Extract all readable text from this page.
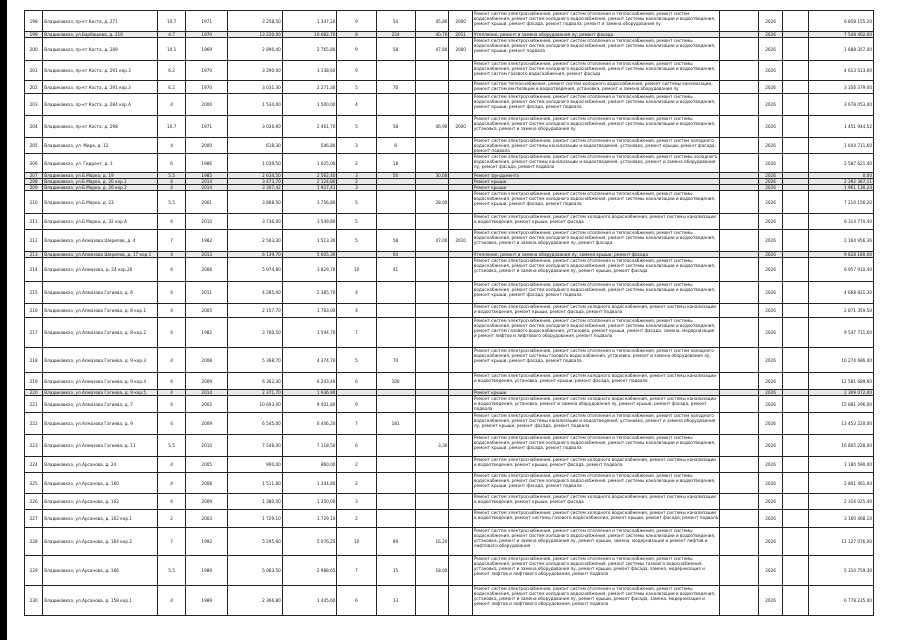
198	Владикавказ, пр-кт Коста, д. 271	10.7	1971	3 258,50	1 347,20	9	54	45,80	2000	Ремонт систем электроснабжения, ремонт систем отопления и теплоснабжения, ремонт систем водоснабжения, ремонт систем холодного водоснабжения, ремонт системы канализации и водоотведения, ремонт крыши, ремонт фасада, ремонт подвала, ремонт и замена оборудования лу		2026		6 858 155,20
199	Владикавказ, ул.Барбашова, д. 216	4.7	1970	13 220,00	10 682,70	8	224	40,70	2011	Утепление, ремонт и замена оборудования лу, ремонт фасада		2026		7 548 402,00
200	Владикавказ, пр-кт Коста, д. 289	10.1	1969	2 890,40	2 765,80	9	58	47,80	2000	Ремонт систем электроснабжения, ремонт систем отопления и теплоснабжения, ремонт системы водоснабжения, ремонт систем холодного водоснабжения, ремонт системы канализации и водоотведения, ремонт крыши, ремонт подвала		2026		1 688 357,00
201	Владикавказ, пр-кт Коста, д. 291 кор.3	6.2	1970	3 290,00	3 138,60	9				Ремонт систем электроснабжения, ремонт систем отопления и теплоснабжения, ремонт системы водоснабжения, ремонт систем холодного водоснабжения, ремонт системы канализации и водоотведения, ремонт систем газового водоснабжения, ремонт фасада		2026		4 613 513,00
202	Владикавказ, пр-кт Коста, д. 291 кор.3	6.2	1970	3 031,30	2 271,30	5	70			Ремонт систем теплоснабжения, ремонт систем холодного водоснабжения, ремонт системы канализации, ремонт систем вентиляции и водоотведения, установка, ремонт и замена оборудования лу		2026		3 356 379,00
203	Владикавказ, пр-кт Коста, д. 284 кор.А	4	2000	1 534,00	1 500,00	4				Ремонт систем электроснабжения, ремонт систем отопления и теплоснабжения, ремонт системы водоснабжения, ремонт систем холодного водоснабжения, ремонт системы канализации и водоотведения, ремонт крыши, ремонт фасада, ремонт подвала		2026		3 678 053,00
204	Владикавказ, пр-кт Коста, д. 298	10.7	1971	3 026,60	2 461,70	5	58	46,90	2000	Ремонт систем электроснабжения, ремонт систем отопления и теплоснабжения, ремонт системы водоснабжения, ремонт систем холодного водоснабжения, ремонт системы канализации и водоотведения, установка, ремонт и замена оборудования лу		2026		1 451 944,52
205	Владикавказ, ул. Мира, д. 12	4	2000	618,30	546,80	3	8			Ремонт систем электроснабжения, ремонт систем отопления и теплоснабжения, ремонт систем холодного водоснабжения, ремонт системы канализации и водоотведения, установка, ремонт крыши, ремонт фасада, ремонт подвала		2026		1 644 711,60
206	Владикавказ, ул. Гидрант, д. 1	6	1986	1 039,50	1 025,00	2	18			Ремонт систем электроснабжения, ремонт систем отопления и теплоснабжения, ремонт системы холодного водоснабжения, ремонт системы канализации и водоотведения, установка, ремонт и замена оборудования лу, ремонт фасада, ремонт подвала		2026		2 587 621,40
207	Владикавказ, ул.Б.Марка, д. 19	5.5	1985	2 634,50	2 562,40	3	50	30,00		Ремонт фундамента		2026		0,00
208	Владикавказ, ул.Б.Марка, д. 20 кор.1	4	2014	3 473,70	2 124,80	2				Ремонт крыши		2026		2 392 387,11
209	Владикавказ, ул.Б.Марка, д. 20 кор.2	4	2014	3 307,42	1 927,41	3				Ремонт крыши		2026		1 961 130,24
210	Владикавказ, ул.Б.Марка, д. 23	5.5	2001	3 868,50	3 756,80	5		28,00		Ремонт систем электроснабжения, ремонт систем отопления и теплоснабжения, ремонт системы водоснабжения, ремонт систем холодного водоснабжения, ремонт системы канализации и водоотведения, ремонт крыши, ремонт фасада, ремонт подвала		2026		7 210 156,20
211	Владикавказ, ул.Б.Марка, д. 32 кор.А	4	2010	3 736,00	3 549,80	5				Ремонт систем электроснабжения, ремонт систем холодного водоснабжения, ремонт системы канализации и водоотведения, ремонт крыши, ремонт фасада		2026		6 314 770,40
212	Владикавказ, ул.Алмазова Шерипов, д. 4	7	1982	2 563,30	1 513,30	5	58	47,00	2010	Ремонт систем электроснабжения, ремонт систем отопления и теплоснабжения, ремонт системы водоснабжения, ремонт систем холодного водоснабжения, ремонт системы канализации и водоотведения, установка, ремонт и замена оборудования лу, ремонт фасада		2026		2 164 956,36
213	Владикавказ, ул.Алмазова Шерипов, д. 17 кор.1	4	2013	6 139,70	5 605,30		64			Утепление, ремонт и замена оборудования лу, замена крыши, ремонт фасада		2026		9 828 180,00
214	Владикавказ, ул.Алмазова, д. 24 кор.26	4	2008	5 974,80	3 829,70	10	41			Ремонт систем электроснабжения, ремонт систем отопления и теплоснабжения, ремонт системы водоснабжения, ремонт систем холодного водоснабжения, ремонт системы канализации и водоотведения, установка, ремонт и замена оборудования лу, ремонт крыши, ремонт фасада		2026		6 957 910,40
215	Владикавказ, ул.Алмазова Гагиева, д. 6	4	2011	4 285,00	2 385,70	4				Ремонт систем электроснабжения, ремонт систем отопления и теплоснабжения, ремонт системы водоснабжения, ремонт систем холодного водоснабжения, ремонт системы канализации и водоотведения, ремонт крыши, ремонт фасада, ремонт подвала		2026		4 668 821,30
216	Владикавказ, ул.Алмазова Гагиева, д. 8 кор.1	4	2005	2 157,70	1 783,00	4				Ремонт систем электроснабжения, ремонт систем холодного водоснабжения, ремонт системы канализации и водоотведения, ремонт крыши, ремонт фасада, ремонт подвала		2026		2 871 359,50
217	Владикавказ, ул.Алмазова Гагиева, д. 8 кор.2	4	1982	3 760,50	1 594,70	7				Ремонт систем электроснабжения, ремонт систем отопления и теплоснабжения, ремонт системы водоснабжения, ремонт систем холодного водоснабжения, ремонт системы канализации и водоотведения, ремонт систем газового водоснабжения, установка, ремонт крыши, ремонт фасада, замена, модернизация и ремонт лифтов и лифтового оборудования, ремонт подвала		2026		9 547 711,60
218	Владикавказ, ул.Алмазова Гагиева, д. 9 кор.3	4	2008	5 368,70	4 374,70	5	70			Ремонт систем электроснабжения, ремонт систем отопления и теплоснабжения, ремонт систем холодного водоснабжения, ремонт системы газового водоснабжения, установка, ремонт и замена оборудования лу, ремонт крыши, ремонт фасада, ремонт подвала		2026		10 274 686,00
219	Владикавказ, ул.Алмазова Гагиева, д. 9 кор.4	4	2009	6 362,30	6 243,40	6	100			Ремонт систем электроснабжения, ремонт систем холодного водоснабжения, ремонт системы канализации и водоотведения, установка, ремонт крыши, ремонт фасада, ремонт подвала		2026		12 581 689,60
220	Владикавказ, ул.Алмазова Гагиева, д. 9 кор.5	4	2014	2 371,70	1 936,90					Ремонт крыши		2026		2 309 072,00
221	Владикавказ, ул.Алмазова Гагиева, д. 7	4	2002	10 693,00	9 401,80	9				Ремонт систем электроснабжения, ремонт систем холодного водоснабжения, ремонт системы канализации и водоотведения, установка, ремонт и замена оборудования лу, ремонт крыши, ремонт фасада, ремонт подвала		2026		15 881 296,00
222	Владикавказ, ул.Алмазова Гагиева, д. 9	4	2009	6 545,00	6 446,20	7	181			Ремонт систем электроснабжения, ремонт систем отопления и теплоснабжения, ремонт систем холодного водоснабжения, ремонт системы канализации и водоотведения, установка, ремонт и замена оборудования лу, ремонт крыши, ремонт фасада, ремонт подвала		2026		13 453 220,00
223	Владикавказ, ул.Алмазова Гагиева, д. 11	5.5	2010	7 548,00	7 118,50	6		3,30		Ремонт систем электроснабжения, ремонт систем отопления и теплоснабжения, ремонт системы водоснабжения, ремонт систем холодного водоснабжения, ремонт системы канализации и водоотведения, ремонт крыши, ремонт фасада, ремонт подвала		2026		16 805 228,00
224	Владикавказ, ул.Арсанова, д. 24	4	2005	900,00	860,00	2				Ремонт систем электроснабжения, ремонт систем холодного водоснабжения, ремонт системы канализации и водоотведения, ремонт крыши, ремонт фасада, ремонт подвала		2026		1 180 590,00
225	Владикавказ, ул.Арсанова, д. 160	4	2008	1 511,80	1 344,80	2				Ремонт систем электроснабжения, ремонт систем отопления и теплоснабжения, ремонт системы водоснабжения, ремонт систем холодного водоснабжения, ремонт системы канализации и водоотведения, ремонт крыши, ремонт фасада, ремонт подвала		2026		2 801 461,94
226	Владикавказ, ул.Арсанова, д. 162	4	2009	1 380,00	1 350,00	3				Ремонт систем электроснабжения, ремонт систем холодного водоснабжения, ремонт системы канализации и водоотведения, ремонт крыши, ремонт фасада		2026		2 316 025,40
227	Владикавказ, ул.Арсанова, д. 162 кор.1	2	2003	1 729,10	1 729,10	2				Ремонт систем электроснабжения, ремонт систем холодного водоснабжения, ремонт системы канализации и водоотведения, ремонт системы газового водоснабжения, ремонт крыши, ремонт фасада, ремонт подвала		2026		3 160 468,10
228	Владикавказ, ул.Арсанова, д. 164 кор.2	7	1992	5 295,60	5 076,25	10	89	16,20		Ремонт систем электроснабжения, ремонт систем отопления и теплоснабжения, ремонт системы водоснабжения, ремонт систем холодного водоснабжения, ремонт системы канализации и водоотведения, установка, ремонт и замена оборудования лу, ремонт крыши, замена, модернизация и ремонт лифтов и лифтового оборудования		2026		11 127 076,00
229	Владикавказ, ул.Арсанова, д. 166	5.5	1989	5 063,50	2 988,65	7	15	18,00		Ремонт систем электроснабжения, ремонт систем отопления и теплоснабжения, ремонт системы водоснабжения, ремонт систем холодного водоснабжения, ремонт системы газового водоснабжения, установка, ремонт и замена оборудования лу, ремонт крыши, ремонт фасада, замена, модернизация и ремонт лифтов и лифтового оборудования, ремонт подвала		2026		5 310 759,30
230	Владикавказ, ул.Арсанова, д. 158 кор.1	4	1989	2 366,80	1 445,60	6	13			Ремонт систем электроснабжения, ремонт систем отопления и теплоснабжения, ремонт системы водоснабжения, ремонт систем холодного водоснабжения, ремонт системы канализации и водоотведения, установка, ремонт и замена оборудования лу, ремонт крыши, ремонт фасада, замена, модернизация и ремонт лифтов и лифтового оборудования, ремонт подвала		2026		6 778 235,00
